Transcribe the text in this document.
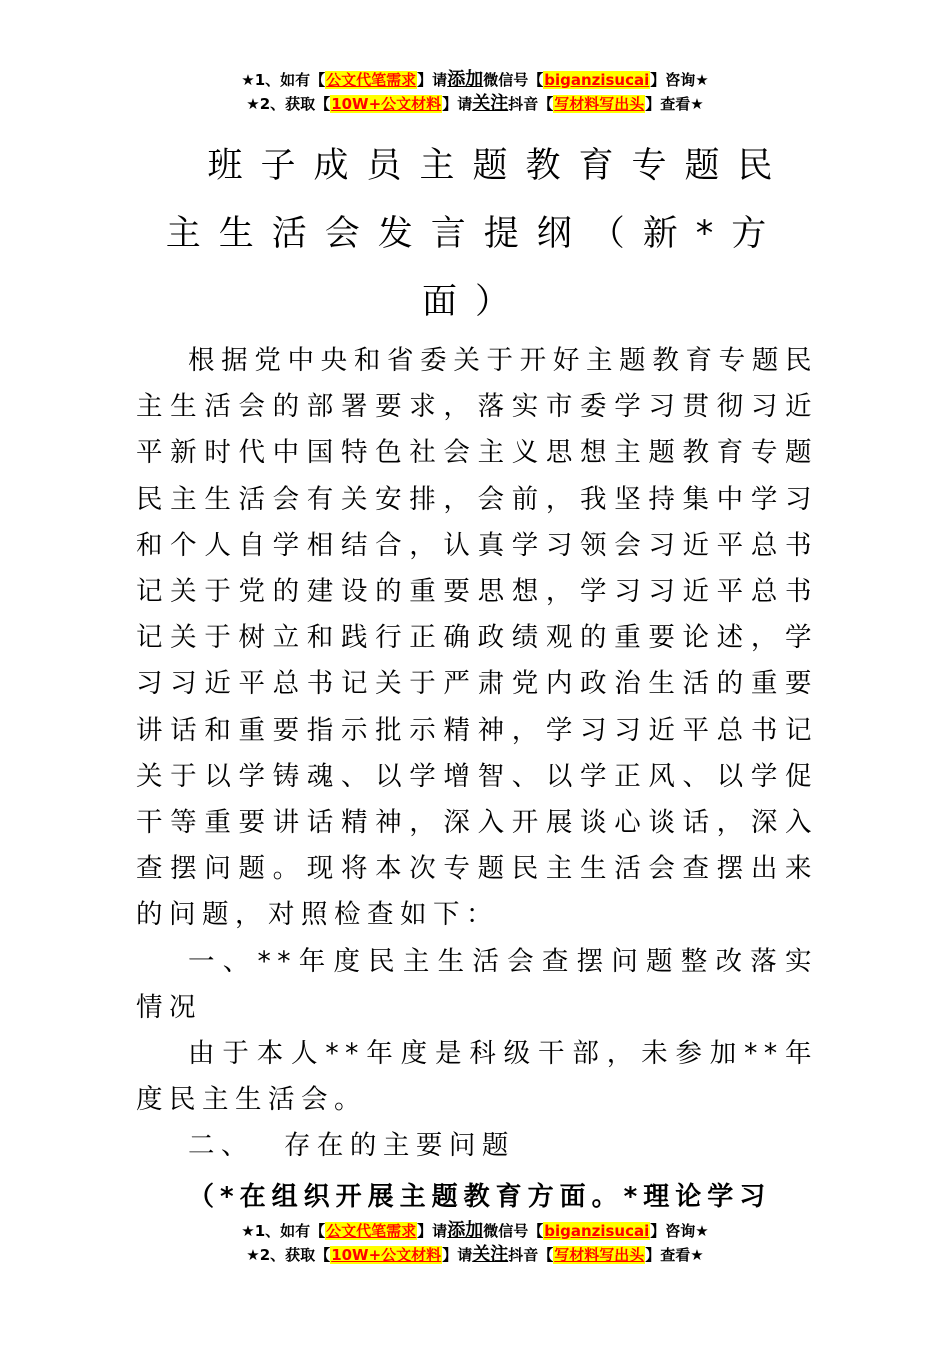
★1、如有【公文代笔需求】请添加微信号【biganzisucai】咨询★
★2、获取【10W+公文材料】请关注抖音【写材料写出头】查看★
班子成员主题教育专题民
主生活会发言提纲（新*方
面）

根据党中央和省委关于开好主题教育专题民主生活会的部署要求，落实市委学习贯彻习近平新时代中国特色社会主义思想主题教育专题民主生活会有关安排，会前，我坚持集中学习和个人自学相结合，认真学习领会习近平总书记关于党的建设的重要思想，学习习近平总书记关于树立和践行正确政绩观的重要论述，学习习近平总书记关于严肃党内政治生活的重要讲话和重要指示批示精神，学习习近平总书记关于以学铸魂、以学增智、以学正风、以学促干等重要讲话精神，深入开展谈心谈话，深入查摆问题。现将本次专题民主生活会查摆出来的问题，对照检查如下：

一、**年度民主生活会查摆问题整改落实情况

由于本人**年度是科级干部，未参加**年度民主生活会。

二、  存在的主要问题

（*在组织开展主题教育方面。*理论学习
★1、如有【公文代笔需求】请添加微信号【biganzisucai】咨询★
★2、获取【10W+公文材料】请关注抖音【写材料写出头】查看★
